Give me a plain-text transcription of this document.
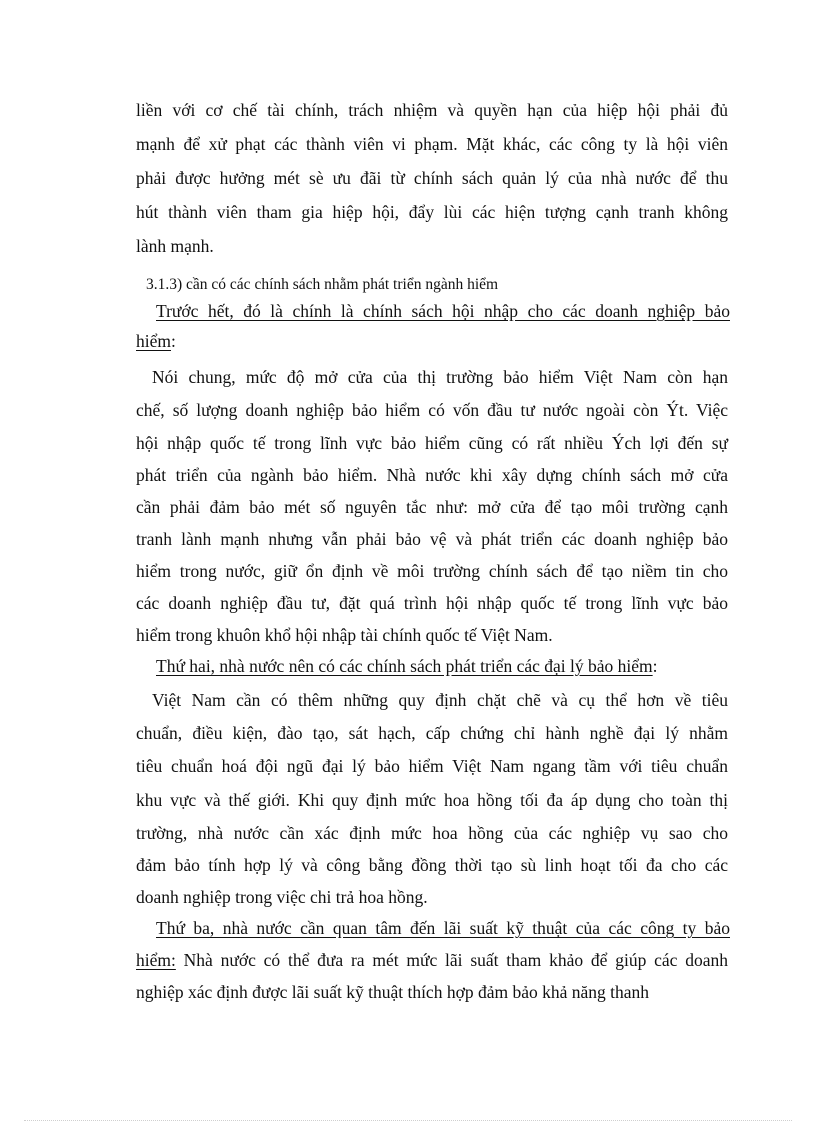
liền với cơ chế tài chính, trách nhiệm và quyền hạn của hiệp hội phải đủ
mạnh để xử phạt các thành viên vi phạm. Mặt khác, các công ty là hội viên
phải được hưởng mét sè ưu đãi từ chính sách quản lý của nhà nước để thu
hút thành viên tham gia hiệp hội, đẩy lùi các hiện tượng cạnh tranh không
lành mạnh.
3.1.3) cần có các chính sách nhằm phát triển ngành hiểm
Trước hết, đó là chính là chính sách hội nhập cho các doanh nghiệp bảo
hiểm:
Nói chung, mức độ mở cửa của thị trường bảo hiểm Việt Nam còn hạn
chế, số lượng doanh nghiệp bảo hiểm có vốn đầu tư nước ngoài còn Ýt. Việc
hội nhập quốc tế trong lĩnh vực bảo hiểm cũng có rất nhiều Ých lợi đến sự
phát triển của ngành bảo hiểm. Nhà nước khi xây dựng chính sách mở cửa
cần phải đảm bảo mét số nguyên tắc như: mở cửa để tạo môi trường cạnh
tranh lành mạnh nhưng vẫn phải bảo vệ và phát triển các doanh nghiệp bảo
hiểm trong nước, giữ ổn định về môi trường chính sách để tạo niềm tin cho
các doanh nghiệp đầu tư, đặt quá trình hội nhập quốc tế trong lĩnh vực bảo
hiểm trong khuôn khổ hội nhập tài chính quốc tế Việt Nam.
Thứ hai, nhà nước nên có các chính sách phát triển các đại lý bảo hiểm:
Việt Nam cần có thêm những quy định chặt chẽ và cụ thể hơn về tiêu
chuẩn, điều kiện, đào tạo, sát hạch, cấp chứng chỉ hành nghề đại lý nhằm
tiêu chuẩn hoá đội ngũ đại lý bảo hiểm Việt Nam ngang tầm với tiêu chuẩn
khu vực và thế giới. Khi quy định mức hoa hồng tối đa áp dụng cho toàn thị
trường, nhà nước cần xác định mức hoa hồng của các nghiệp vụ sao cho
đảm bảo tính hợp lý và công bằng đồng thời tạo sù linh hoạt tối đa cho các
doanh nghiệp trong việc chi trả hoa hồng.
Thứ ba, nhà nước cần quan tâm đến lãi suất kỹ thuật của các công ty bảo
hiểm: Nhà nước có thể đưa ra mét mức lãi suất tham khảo để giúp các doanh
nghiệp xác định được lãi suất kỹ thuật thích hợp đảm bảo khả năng thanh
